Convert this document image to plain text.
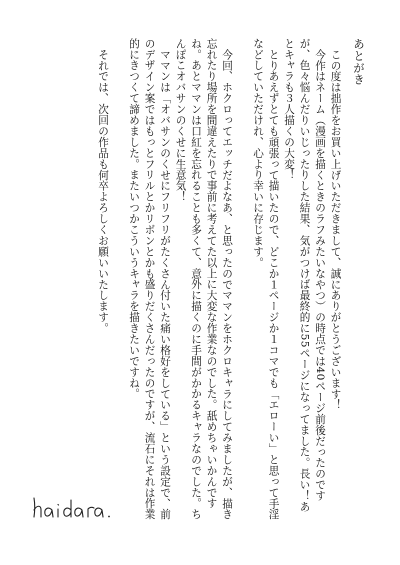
あとがき

この度は拙作をお買い上げいただきまして、誠にありがとうございます！

今作はネーム（漫画を描くときのラフみたいなやつ）の時点では40ページ前後だったのですが、色々悩んだりいじったりした結果、気がつけば最終的に55ページになってました。長い！あとキャラも３人描くの大変！

とりあえずとても頑張って描いたので、どこか１ページか１コマでも「エローい」と思って手淫などしていただけれ、心より幸いに存じます。

今回、ホクロってエッチだよなあ、と思ったのでママンをホクロキャラにしてみましたが、描き忘れたり場所を間違えたりで事前に考えてた以上に大変な作業なのでした。舐めちゃいかんですね。あとママンは口紅を忘れることも多くて、意外に描くのに手間がかかるキャラなのでした。ちんぽこオバサンのくせに生意気！

ママンは「オバサンのくせにフリフリがたくさん付いた痛い格好をしている」という設定で、前のデザイン案ではもっとフリルとかリボンとかも盛りだくさんだったのですが、流石にそれは作業的にきつくて諦めました。またいつかこういうキャラを描きたいですね。

それでは、次回の作品も何卒よろしくお願いいたします。
